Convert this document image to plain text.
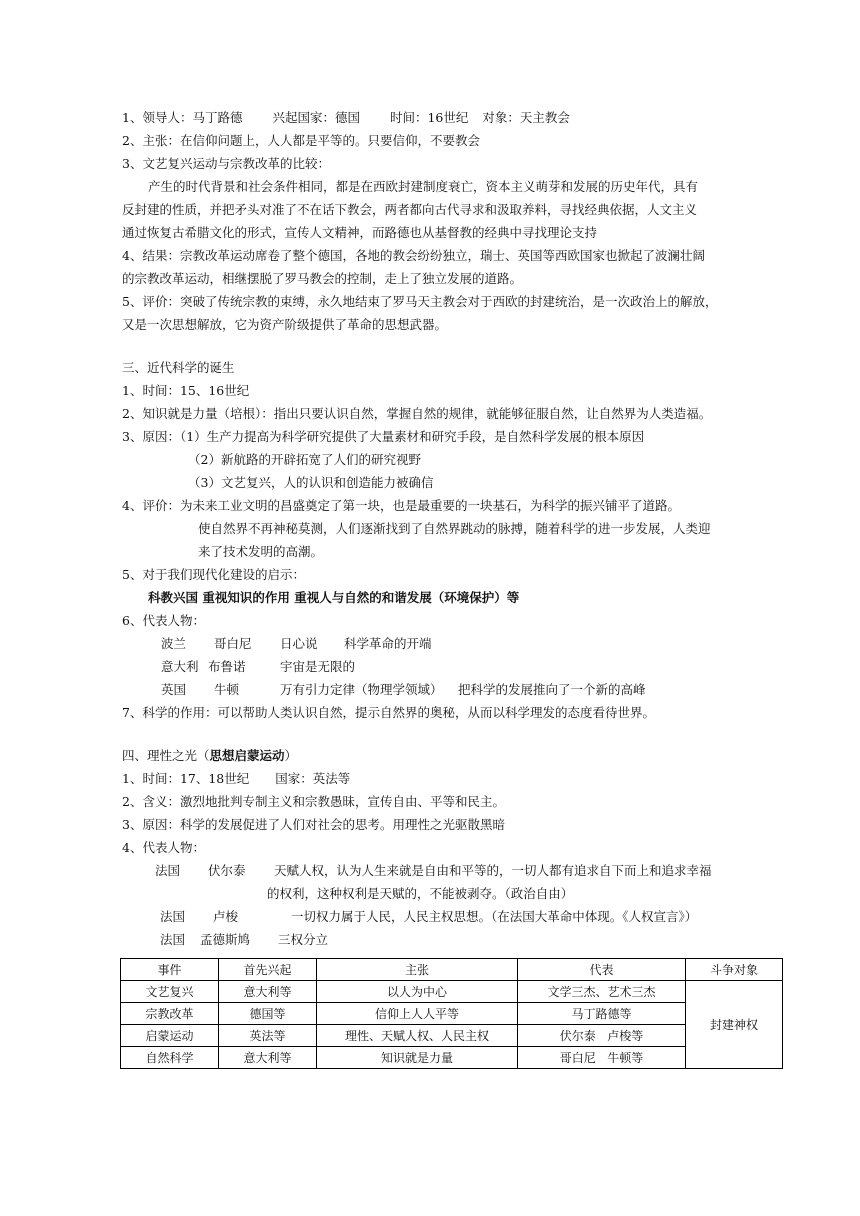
1、领导人：马丁路德 兴起国家：德国 时间：16世纪 对象：天主教会
2、主张：在信仰问题上，人人都是平等的。只要信仰，不要教会
3、文艺复兴运动与宗教改革的比较：
产生的时代背景和社会条件相同，都是在西欧封建制度衰亡，资本主义萌芽和发展的历史年代，具有
反封建的性质，并把矛头对准了不在话下教会，两者都向古代寻求和汲取养料，寻找经典依据，人文主义
通过恢复古希腊文化的形式，宣传人文精神，而路德也从基督教的经典中寻找理论支持
4、结果：宗教改革运动席卷了整个德国，各地的教会纷纷独立，瑞士、英国等西欧国家也掀起了波澜壮阔
的宗教改革运动，相继摆脱了罗马教会的控制，走上了独立发展的道路。
5、评价：突破了传统宗教的束缚，永久地结束了罗马天主教会对于西欧的封建统治，是一次政治上的解放，
又是一次思想解放，它为资产阶级提供了革命的思想武器。
三、近代科学的诞生
1、时间：15、16世纪
2、知识就是力量（培根）：指出只要认识自然，掌握自然的规律，就能够征服自然，让自然界为人类造福。
3、原因：（1）生产力提高为科学研究提供了大量素材和研究手段，是自然科学发展的根本原因
（2）新航路的开辟拓宽了人们的研究视野
（3）文艺复兴，人的认识和创造能力被确信
4、评价：为未来工业文明的昌盛奠定了第一块，也是最重要的一块基石，为科学的振兴铺平了道路。
使自然界不再神秘莫测，人们逐渐找到了自然界跳动的脉搏，随着科学的进一步发展，人类迎
来了技术发明的高潮。
5、对于我们现代化建设的启示：
科教兴国 重视知识的作用 重视人与自然的和谐发展（环境保护）等
6、代表人物：
波兰 哥白尼 日心说 科学革命的开端
意大利 布鲁诺	宇宙是无限的
英国 牛顿	万有引力定律（物理学领域） 把科学的发展推向了一个新的高峰
7、科学的作用：可以帮助人类认识自然，提示自然界的奥秘，从而以科学理发的态度看待世界。
四、理性之光（思想启蒙运动）
1、时间：17、18世纪 国家：英法等
2、含义：激烈地批判专制主义和宗教愚昧，宣传自由、平等和民主。
3、原因：科学的发展促进了人们对社会的思考。用理性之光驱散黑暗
4、代表人物：
法国 伏尔泰 天赋人权，认为人生来就是自由和平等的，一切人都有追求自下而上和追求幸福
的权利，这种权利是天赋的，不能被剥夺。（政治自由）
法国 卢梭	一切权力属于人民，人民主权思想。（在法国大革命中体现。《人权宣言》）
法国 孟德斯鸠 三权分立
事件	首先兴起	主张	代表	斗争对象
文艺复兴	意大利等	以人为中心	文学三杰、艺术三杰	封建神权
宗教改革	德国等	信仰上人人平等	马丁路德等	
启蒙运动	英法等	理性、天赋人权、人民主权	伏尔泰   卢梭等	
自然科学	意大利等	知识就是力量	哥白尼   牛顿等	
